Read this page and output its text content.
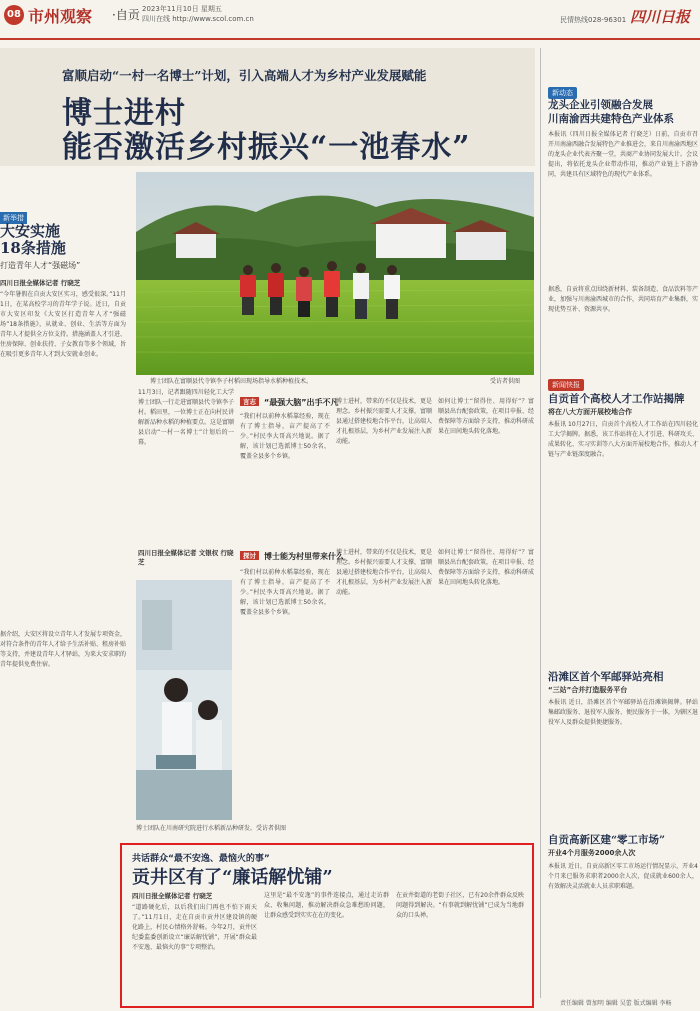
08 市州观察 ·自贡 2023年11月10日 星期五
四川在线 http://www.scol.com.cn	民情热线028-96301 四川日报
富顺启动“一村一名博士”计划，引入高端人才为乡村产业发展赋能
博士进村
能否激活乡村振兴“一池春水”
博士团队在富顺县代寺镇李子村稻田现场指导水稻种植技术。	受访者供图
新举措
大安实施
18条措施
打造青年人才“强磁场”
四川日报全媒体记者 行晓芝
“今年暑假在自贡大安区实习，感受很深。”11月1日，在某高校学习的青年学子说。近日，自贡市大安区印发《大安区打造青年人才“强磁场”18条措施》，从就业、创业、生活等方面为青年人才提供全方位支持。措施涵盖人才引进、住房保障、创业扶持、子女教育等多个领域，旨在吸引更多青年人才到大安就业创业。
据介绍，大安区将设立青年人才发展专项资金，对符合条件的青年人才给予生活补贴、租房补贴等支持，并建设青年人才驿站，为来大安求职的青年提供免费住宿。
11月3日，记者跟随四川轻化工大学博士团队一行走进富顺县代寺镇李子村。稻田里，一位博士正在向村民讲解新品种水稻的种植要点。这是富顺县启动“一村一名博士”计划后的一幕。
言志	“最强大脑”出手不凡
“我们村以前种水稻靠经验，现在有了博士指导，亩产提高了不少。”村民李大哥高兴地说。据了解，该计划已选派博士50余名，覆盖全县多个乡镇。
博士进村，带来的不仅是技术，更是理念。乡村振兴需要人才支撑，富顺县通过搭建校地合作平台，让高端人才扎根基层，为乡村产业发展注入新动能。
如何让博士“留得住、用得好”？富顺县出台配套政策，在项目申报、经费保障等方面给予支持，推动科研成果在田间地头转化落地。
探讨	博士能为村里带来什么
四川日报全媒体记者 文银权 行晓芝
博士团队在川南研究院进行水稻新品种研发。受访者供图
“我们村以前种水稻靠经验，现在有了博士指导，亩产提高了不少。”村民李大哥高兴地说。据了解，该计划已选派博士50余名，覆盖全县多个乡镇。
博士进村，带来的不仅是技术，更是理念。乡村振兴需要人才支撑，富顺县通过搭建校地合作平台，让高端人才扎根基层，为乡村产业发展注入新动能。
如何让博士“留得住、用得好”？富顺县出台配套政策，在项目申报、经费保障等方面给予支持，推动科研成果在田间地头转化落地。
共话群众“最不安逸、最恼火的事”
贡井区有了“廉话解忧铺”
四川日报全媒体记者 行晓芝
“道路硬化后，以后我们出门再也不怕下雨天了。”11月1日，走在自贡市贡井区建设镇的硬化路上，村民心情格外舒畅。今年2月，贡井区纪委监委创新设立“廉话解忧铺”，开展“群众最不安逸、最恼火的事”专项整治。
这里是“最不安逸”的事件连接点，通过走访群众、收集问题，推动解决群众急难愁盼问题，让群众感受到实实在在的变化。
在贡井街道的老街子社区，已有20余件群众反映问题得到解决。“有事就到解忧铺”已成为当地群众的口头禅。
新动态
龙头企业引领融合发展
川南渝西共建特色产业体系
本报讯（四川日报全媒体记者 行晓芝）日前，自贡市召开川南渝西融合发展特色产业推进会，来自川南渝西地区的龙头企业代表齐聚一堂，共商产业协同发展大计。会议提出，将依托龙头企业带动作用，推动产业链上下游协同，共建具有区域特色的现代产业体系。
据悉，自贡将重点围绕新材料、装备制造、食品饮料等产业，加强与川南渝西城市的合作，共同培育产业集群，实现优势互补、资源共享。
新闻快报
自贡首个高校人才工作站揭牌
将在八大方面开展校地合作
本报讯 10月27日，自贡首个高校人才工作站在四川轻化工大学揭牌。据悉，该工作站将在人才引进、科研攻关、成果转化、实习实训等八大方面开展校地合作，推动人才链与产业链深度融合。
沿滩区首个军邮驿站亮相
“三站”合并打造服务平台
本报讯 近日，沿滩区首个军邮驿站在沿滩镇揭牌。驿站集邮政服务、退役军人服务、便民服务于一体，为辖区退役军人及群众提供便捷服务。
自贡高新区建“零工市场”
开业4个月服务2000余人次
本报讯 近日，自贡高新区零工市场运行情况显示，开业4个月来已服务求职者2000余人次，促成就业600余人，有效解决灵活就业人员求职难题。
责任编辑 曾加明 编辑 吴蕾 版式编辑 李畅
